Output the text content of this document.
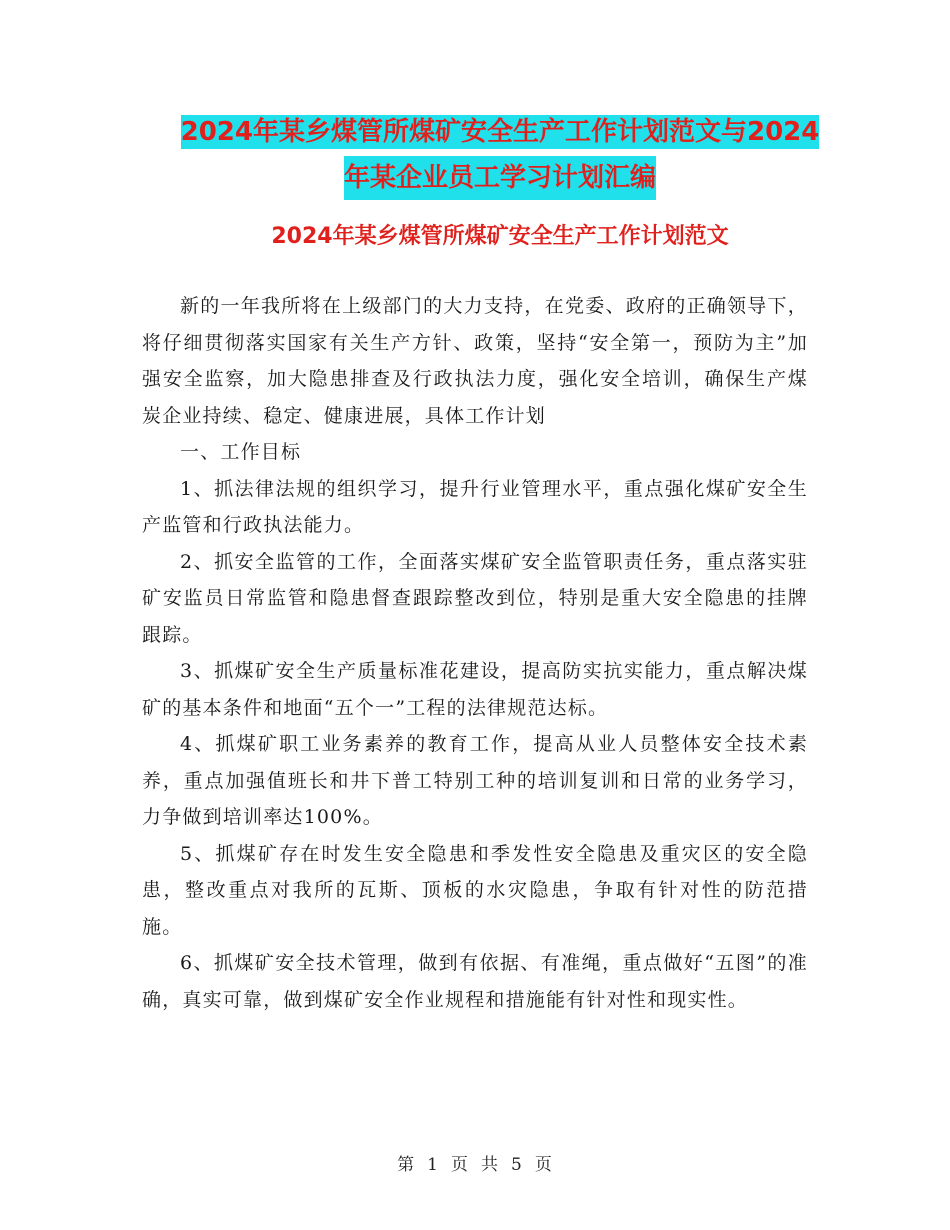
2024年某乡煤管所煤矿安全生产工作计划范文与2024
年某企业员工学习计划汇编
2024年某乡煤管所煤矿安全生产工作计划范文

新的一年我所将在上级部门的大力支持，在党委、政府的正确领导下，将仔细贯彻落实国家有关生产方针、政策，坚持“安全第一，预防为主”加强安全监察，加大隐患排查及行政执法力度，强化安全培训，确保生产煤炭企业持续、稳定、健康进展，具体工作计划

一、工作目标

1、抓法律法规的组织学习，提升行业管理水平，重点强化煤矿安全生产监管和行政执法能力。

2、抓安全监管的工作，全面落实煤矿安全监管职责任务，重点落实驻矿安监员日常监管和隐患督查跟踪整改到位，特别是重大安全隐患的挂牌跟踪。

3、抓煤矿安全生产质量标准花建设，提高防实抗实能力，重点解决煤矿的基本条件和地面“五个一”工程的法律规范达标。

4、抓煤矿职工业务素养的教育工作，提高从业人员整体安全技术素养，重点加强值班长和井下普工特别工种的培训复训和日常的业务学习，力争做到培训率达100%。

5、抓煤矿存在时发生安全隐患和季发性安全隐患及重灾区的安全隐患，整改重点对我所的瓦斯、顶板的水灾隐患，争取有针对性的防范措施。

6、抓煤矿安全技术管理，做到有依据、有准绳，重点做好“五图”的准确，真实可靠，做到煤矿安全作业规程和措施能有针对性和现实性。

第 1 页 共 5 页
